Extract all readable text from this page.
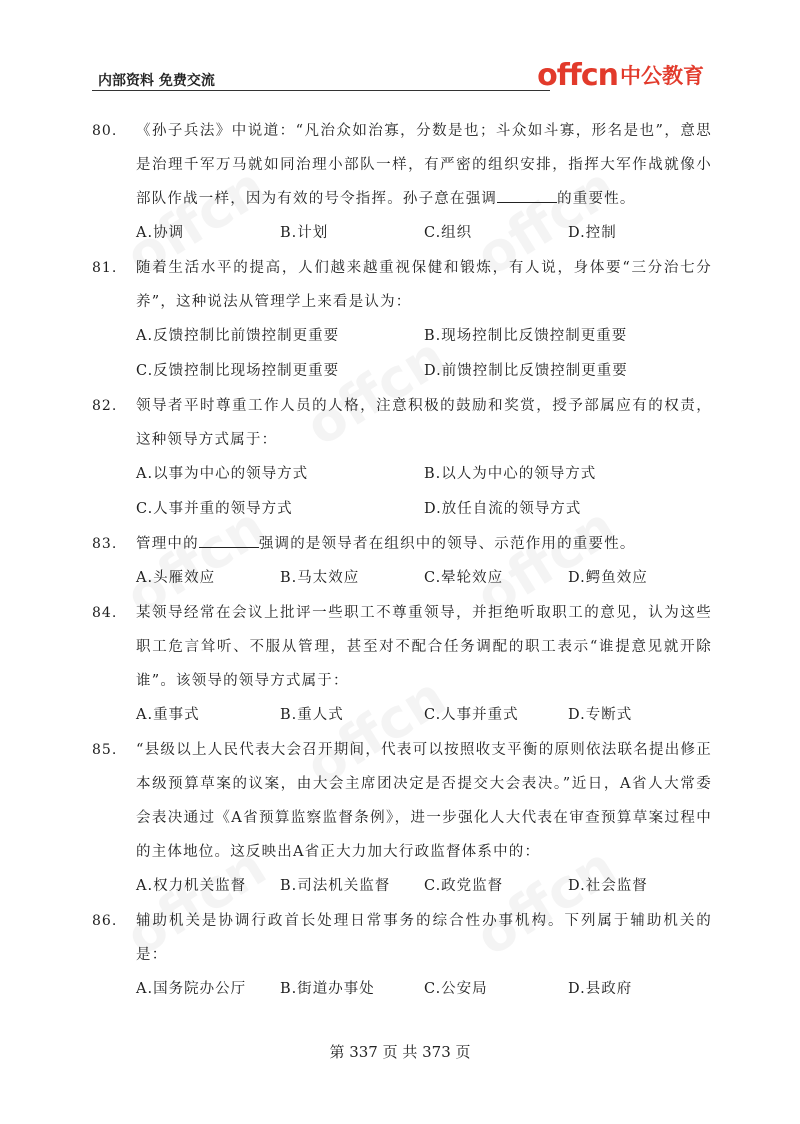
内部资料 免费交流	offcn 中公教育
80.	《孙子兵法》中说道：“凡治众如治寡，分数是也；斗众如斗寡，形名是也”，意思是治理千军万马就如同治理小部队一样，有严密的组织安排，指挥大军作战就像小部队作战一样，因为有效的号令指挥。孙子意在强调	的重要性。
A.协调	B.计划	C.组织	D.控制
81.	随着生活水平的提高，人们越来越重视保健和锻炼，有人说，身体要“三分治七分养”，这种说法从管理学上来看是认为：
A.反馈控制比前馈控制更重要	B.现场控制比反馈控制更重要
C.反馈控制比现场控制更重要	D.前馈控制比反馈控制更重要
82.	领导者平时尊重工作人员的人格，注意积极的鼓励和奖赏，授予部属应有的权责，这种领导方式属于：
A.以事为中心的领导方式	B.以人为中心的领导方式
C.人事并重的领导方式	D.放任自流的领导方式
83.	管理中的	强调的是领导者在组织中的领导、示范作用的重要性。
A.头雁效应	B.马太效应	C.晕轮效应	D.鳄鱼效应
84.	某领导经常在会议上批评一些职工不尊重领导，并拒绝听取职工的意见，认为这些职工危言耸听、不服从管理，甚至对不配合任务调配的职工表示“谁提意见就开除谁”。该领导的领导方式属于：
A.重事式	B.重人式	C.人事并重式	D.专断式
85.	“县级以上人民代表大会召开期间，代表可以按照收支平衡的原则依法联名提出修正本级预算草案的议案，由大会主席团决定是否提交大会表决。”近日，A省人大常委会表决通过《A省预算监察监督条例》，进一步强化人大代表在审查预算草案过程中的主体地位。这反映出A省正大力加大行政监督体系中的：
A.权力机关监督	B.司法机关监督	C.政党监督	D.社会监督
86.	辅助机关是协调行政首长处理日常事务的综合性办事机构。下列属于辅助机关的是：
A.国务院办公厅	B.街道办事处	C.公安局	D.县政府
第 337 页 共 373 页
